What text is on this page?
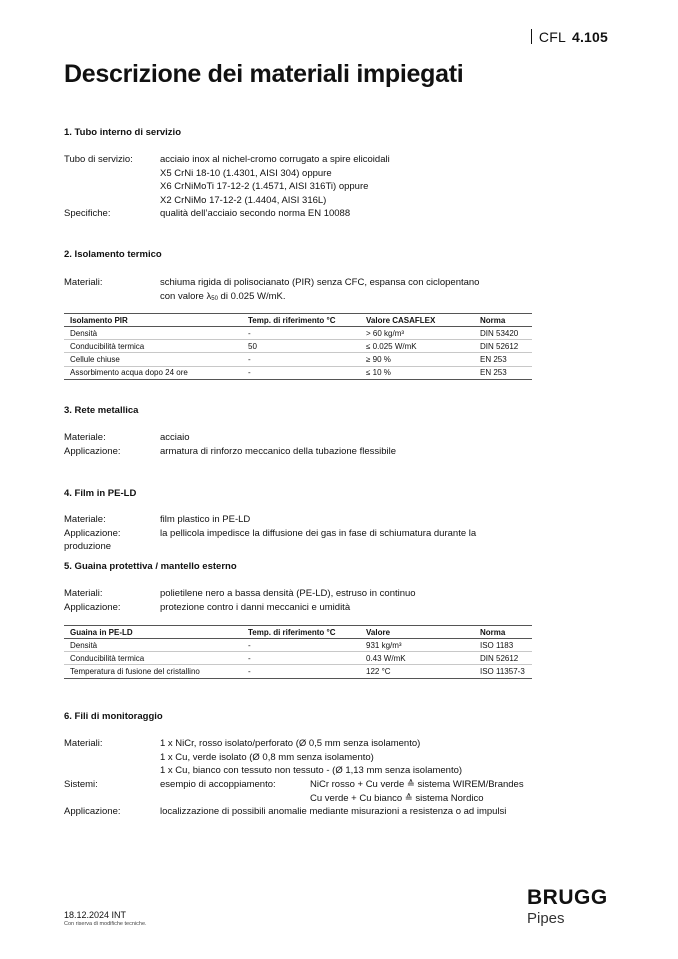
CFL 4.105
Descrizione dei materiali impiegati
1. Tubo interno di servizio
Tubo di servizio:	acciaio inox al nichel-cromo corrugato a spire elicoidali
X5 CrNi 18-10 (1.4301, AISI 304) oppure
X6 CrNiMoTi 17-12-2 (1.4571, AISI 316Ti) oppure
X2 CrNiMo 17-12-2 (1.4404, AISI 316L)
Specifiche:	qualità dell’acciaio secondo norma EN 10088
2. Isolamento termico
Materiali:	schiuma rigida di polisocianato (PIR) senza CFC, espansa con ciclopentano
con valore λ50 di 0.025 W/mK.
Isolamento PIR	Temp. di riferimento °C	Valore CASAFLEX	Norma
Densità	-	> 60 kg/m³	DIN 53420
Conducibilità termica	50	≤ 0.025 W/mK	DIN 52612
Cellule chiuse	-	≥ 90 %	EN 253
Assorbimento acqua dopo 24 ore	-	≤ 10 %	EN 253
3. Rete metallica
Materiale:	acciaio
Applicazione:	armatura di rinforzo meccanico della tubazione flessibile
4. Film in PE-LD
Materiale:	film plastico in PE-LD
Applicazione:	la pellicola impedisce la diffusione dei gas in fase di schiumatura durante la
produzione
5. Guaina protettiva / mantello esterno
Materiali:	polietilene nero a bassa densità (PE-LD), estruso in continuo
Applicazione:	protezione contro i danni meccanici e umidità
Guaina in PE-LD	Temp. di riferimento °C	Valore	Norma
Densità	-	931 kg/m³	ISO 1183
Conducibilità termica	-	0.43 W/mK	DIN 52612
Temperatura di fusione del cristallino	-	122 °C	ISO 11357-3
6. Fili di monitoraggio
Materiali:	1 x NiCr, rosso isolato/perforato (Ø 0,5 mm senza isolamento)
1 x Cu, verde isolato (Ø 0,8 mm senza isolamento)
1 x Cu, bianco con tessuto non tessuto - (Ø 1,13 mm senza isolamento)
Sistemi:	esempio di accoppiamento:	NiCr rosso + Cu verde ≙ sistema WIREM/Brandes
Cu verde + Cu bianco ≙ sistema Nordico
Applicazione:	localizzazione di possibili anomalie mediante misurazioni a resistenza o ad impulsi
18.12.2024 INT
Con riserva di modifiche tecniche.
BRUGG
Pipes
